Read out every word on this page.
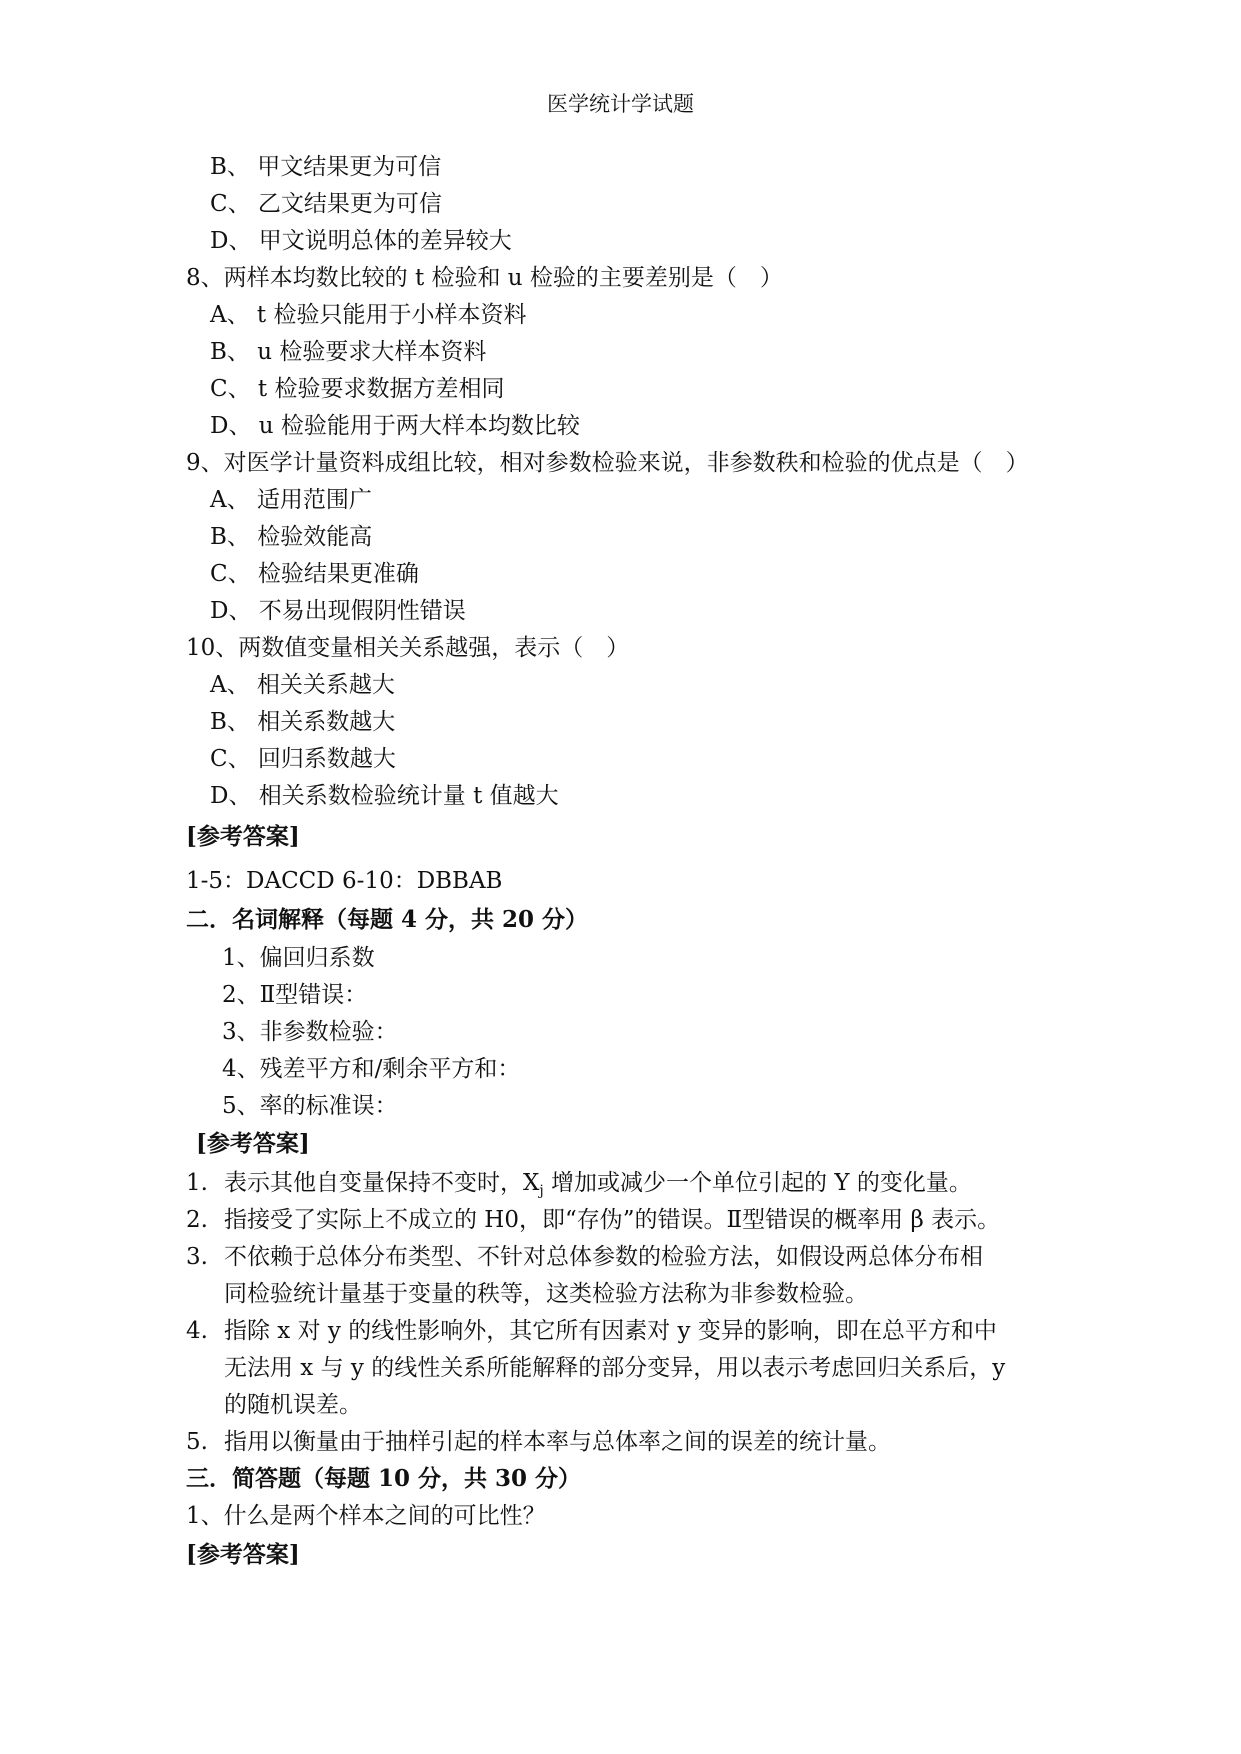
医学统计学试题
B、 甲文结果更为可信
C、 乙文结果更为可信
D、 甲文说明总体的差异较大
8、两样本均数比较的 t 检验和 u 检验的主要差别是（　）
A、 t 检验只能用于小样本资料
B、 u 检验要求大样本资料
C、 t 检验要求数据方差相同
D、 u 检验能用于两大样本均数比较
9、对医学计量资料成组比较，相对参数检验来说，非参数秩和检验的优点是（　）
A、 适用范围广
B、 检验效能高
C、 检验结果更准确
D、 不易出现假阴性错误
10、两数值变量相关关系越强，表示（　）
A、 相关关系越大
B、 相关系数越大
C、 回归系数越大
D、 相关系数检验统计量 t 值越大
[参考答案]
1-5：DACCD 6-10：DBBAB
二．名词解释（每题 4 分，共 20 分）
1、偏回归系数
2、Ⅱ型错误：
3、非参数检验：
4、残差平方和/剩余平方和：
5、率的标准误：
[参考答案]
1. 表示其他自变量保持不变时，$X_j$ 增加或减少一个单位引起的 Y 的变化量。
2. 指接受了实际上不成立的 H0，即“存伪”的错误。Ⅱ型错误的概率用 β 表示。
3. 不依赖于总体分布类型、不针对总体参数的检验方法，如假设两总体分布相
同检验统计量基于变量的秩等，这类检验方法称为非参数检验。
4. 指除 x 对 y 的线性影响外，其它所有因素对 y 变异的影响，即在总平方和中
无法用 x 与 y 的线性关系所能解释的部分变异，用以表示考虑回归关系后，y
的随机误差。
5. 指用以衡量由于抽样引起的样本率与总体率之间的误差的统计量。
三．简答题（每题 10 分，共 30 分）
1、什么是两个样本之间的可比性？
[参考答案]
